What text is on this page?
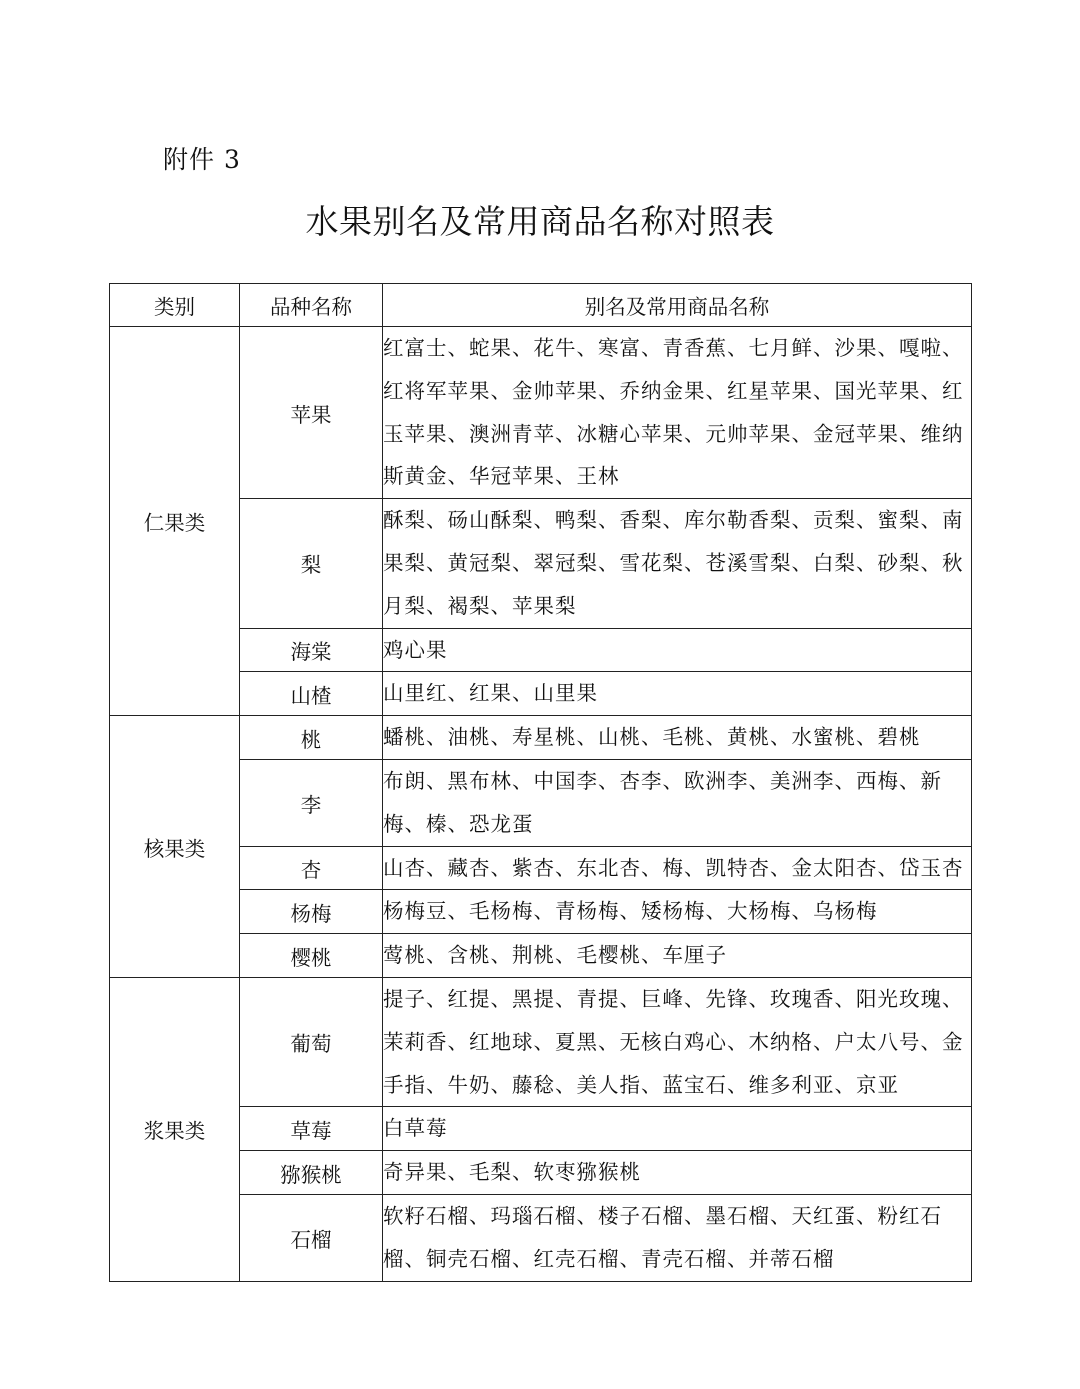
附件 3
水果别名及常用商品名称对照表
类别	品种名称	别名及常用商品名称
仁果类	苹果	红富士、蛇果、花牛、寒富、青香蕉、七月鲜、沙果、嘎啦、红将军苹果、金帅苹果、乔纳金果、红星苹果、国光苹果、红玉苹果、澳洲青苹、冰糖心苹果、元帅苹果、金冠苹果、维纳斯黄金、华冠苹果、王林
	梨	酥梨、砀山酥梨、鸭梨、香梨、库尔勒香梨、贡梨、蜜梨、南果梨、黄冠梨、翠冠梨、雪花梨、苍溪雪梨、白梨、砂梨、秋月梨、褐梨、苹果梨
	海棠	鸡心果
	山楂	山里红、红果、山里果
核果类	桃	蟠桃、油桃、寿星桃、山桃、毛桃、黄桃、水蜜桃、碧桃
	李	布朗、黑布林、中国李、杏李、欧洲李、美洲李、西梅、新梅、榛、恐龙蛋
	杏	山杏、藏杏、紫杏、东北杏、梅、凯特杏、金太阳杏、岱玉杏
	杨梅	杨梅豆、毛杨梅、青杨梅、矮杨梅、大杨梅、乌杨梅
	樱桃	莺桃、含桃、荆桃、毛樱桃、车厘子
浆果类	葡萄	提子、红提、黑提、青提、巨峰、先锋、玫瑰香、阳光玫瑰、茉莉香、红地球、夏黑、无核白鸡心、木纳格、户太八号、金手指、牛奶、藤稔、美人指、蓝宝石、维多利亚、京亚
	草莓	白草莓
	猕猴桃	奇异果、毛梨、软枣猕猴桃
	石榴	软籽石榴、玛瑙石榴、楼子石榴、墨石榴、天红蛋、粉红石榴、铜壳石榴、红壳石榴、青壳石榴、并蒂石榴
